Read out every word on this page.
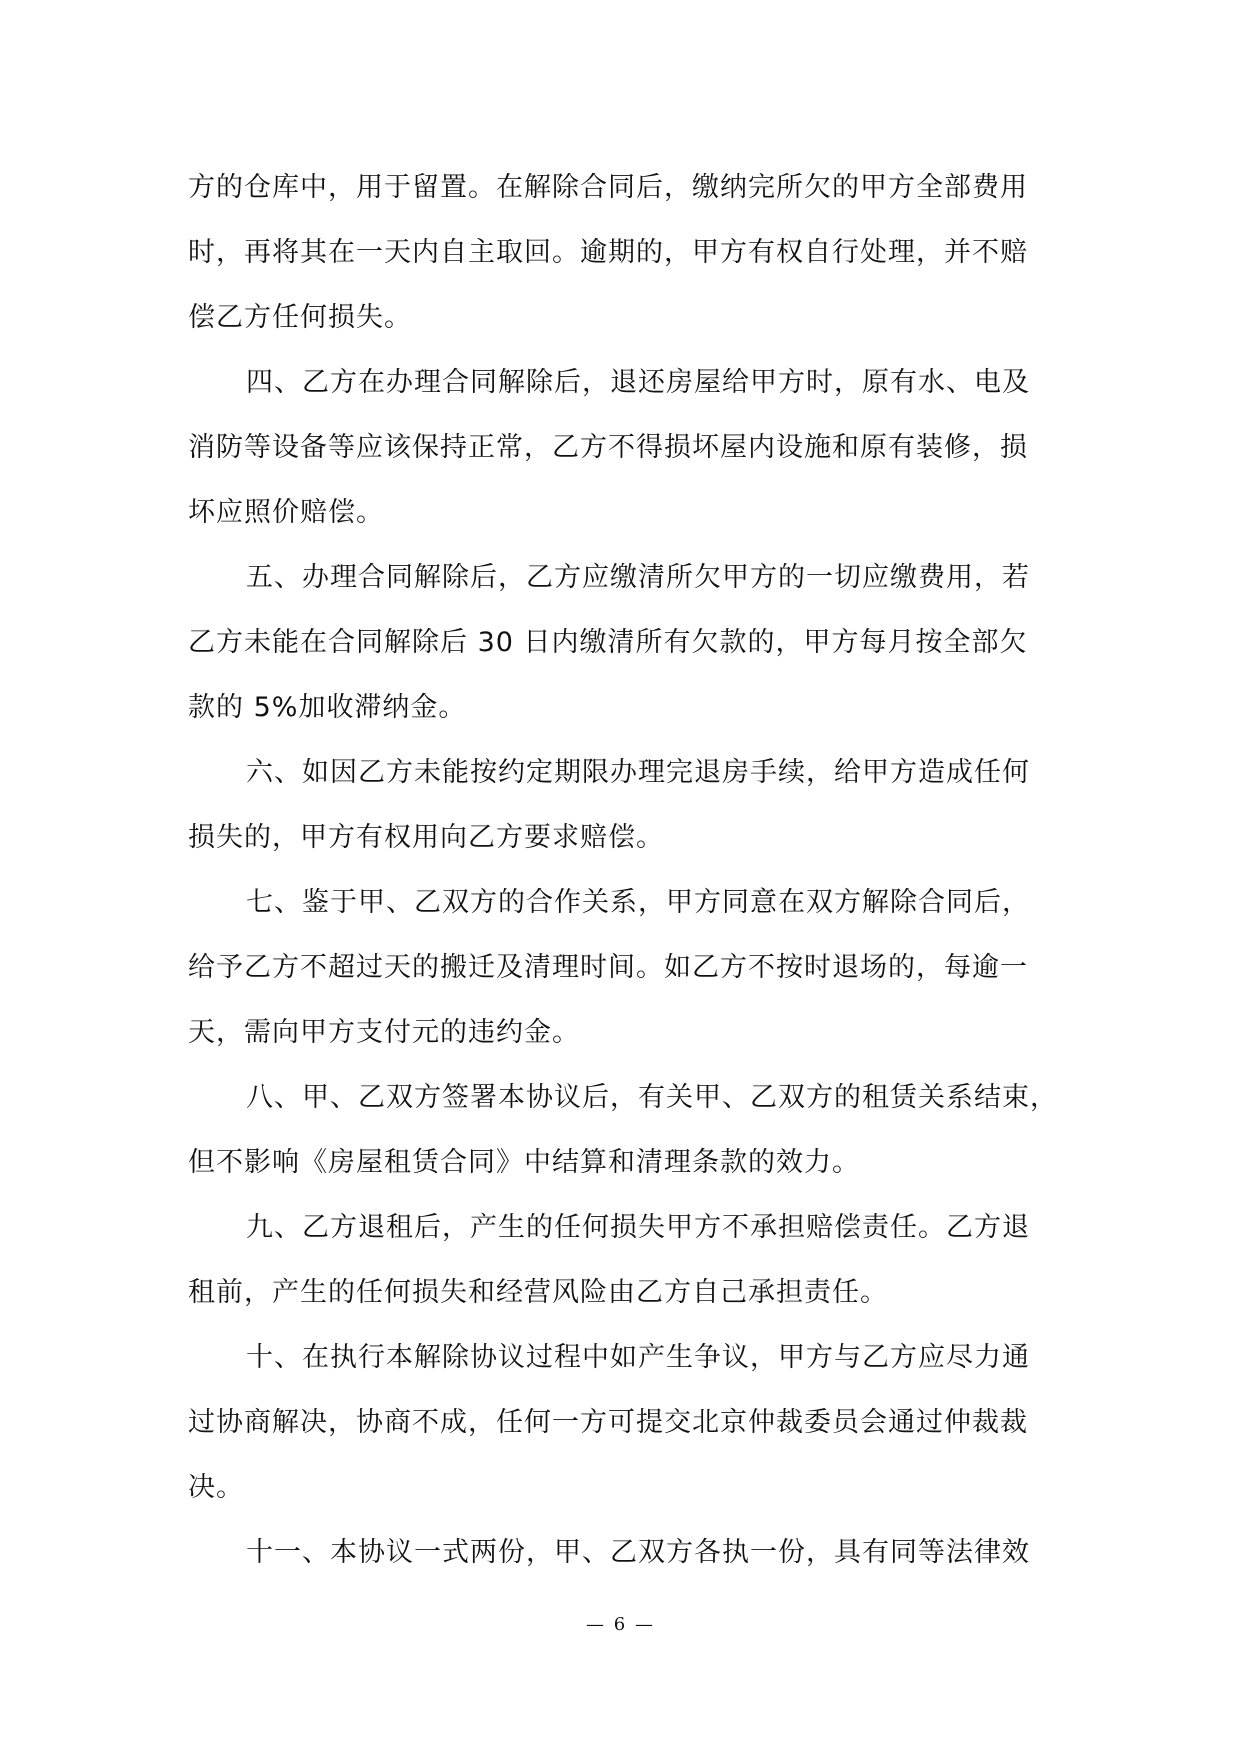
方的仓库中，用于留置。在解除合同后，缴纳完所欠的甲方全部费用
时，再将其在一天内自主取回。逾期的，甲方有权自行处理，并不赔
偿乙方任何损失。

四、乙方在办理合同解除后，退还房屋给甲方时，原有水、电及
消防等设备等应该保持正常，乙方不得损坏屋内设施和原有装修，损
坏应照价赔偿。

五、办理合同解除后，乙方应缴清所欠甲方的一切应缴费用，若
乙方未能在合同解除后 30 日内缴清所有欠款的，甲方每月按全部欠
款的 5%加收滞纳金。

六、如因乙方未能按约定期限办理完退房手续，给甲方造成任何
损失的，甲方有权用向乙方要求赔偿。

七、鉴于甲、乙双方的合作关系，甲方同意在双方解除合同后，
给予乙方不超过天的搬迁及清理时间。如乙方不按时退场的，每逾一
天，需向甲方支付元的违约金。

八、甲、乙双方签署本协议后，有关甲、乙双方的租赁关系结束，
但不影响《房屋租赁合同》中结算和清理条款的效力。

九、乙方退租后，产生的任何损失甲方不承担赔偿责任。乙方退
租前，产生的任何损失和经营风险由乙方自己承担责任。

十、在执行本解除协议过程中如产生争议，甲方与乙方应尽力通
过协商解决，协商不成，任何一方可提交北京仲裁委员会通过仲裁裁
决。

十一、本协议一式两份，甲、乙双方各执一份，具有同等法律效

— 6 —
